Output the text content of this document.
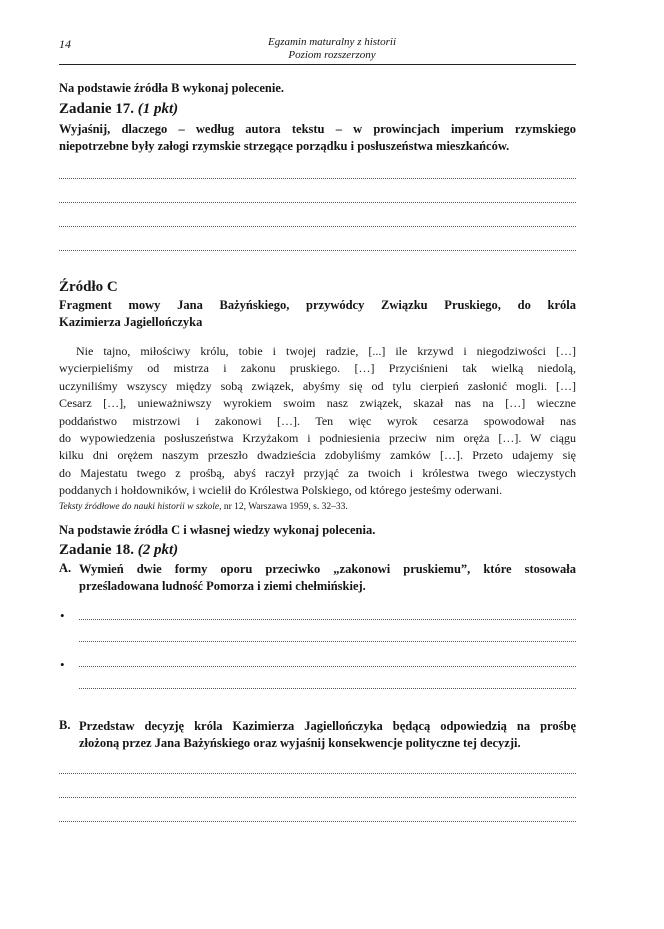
14	Egzamin maturalny z historii
Poziom rozszerzony
Na podstawie źródła B wykonaj polecenie.
Zadanie 17. (1 pkt)
Wyjaśnij, dlaczego – według autora tekstu – w prowincjach imperium rzymskiego
niepotrzebne były załogi rzymskie strzegące porządku i posłuszeństwa mieszkańców.
Źródło C
Fragment mowy Jana Bażyńskiego, przywódcy Związku Pruskiego, do króla
Kazimierza Jagiellończyka
Nie tajno, miłościwy królu, tobie i twojej radzie, [...] ile krzywd i niegodziwości […]
wycierpieliśmy od mistrza i zakonu pruskiego. […] Przyciśnieni tak wielką niedolą,
uczyniliśmy wszyscy między sobą związek, abyśmy się od tylu cierpień zasłonić mogli. […]
Cesarz […], unieważniwszy wyrokiem swoim nasz związek, skazał nas na […] wieczne
poddaństwo mistrzowi i zakonowi […]. Ten więc wyrok cesarza spowodował nas
do wypowiedzenia posłuszeństwa Krzyżakom i podniesienia przeciw nim oręża […]. W ciągu
kilku dni orężem naszym przeszło dwadzieścia zdobyliśmy zamków […]. Przeto udajemy się
do Majestatu twego z prośbą, abyś raczył przyjąć za twoich i królestwa twego wieczystych
poddanych i hołdowników, i wcielił do Królestwa Polskiego, od którego jesteśmy oderwani.
Teksty źródłowe do nauki historii w szkole, nr 12, Warszawa 1959, s. 32–33.
Na podstawie źródła C i własnej wiedzy wykonaj polecenia.
Zadanie 18. (2 pkt)
A. Wymień dwie formy oporu przeciwko „zakonowi pruskiemu”, które stosowała
prześladowana ludność Pomorza i ziemi chełmińskiej.
•
•
B. Przedstaw decyzję króla Kazimierza Jagiellończyka będącą odpowiedzią na prośbę
złożoną przez Jana Bażyńskiego oraz wyjaśnij konsekwencje polityczne tej decyzji.
